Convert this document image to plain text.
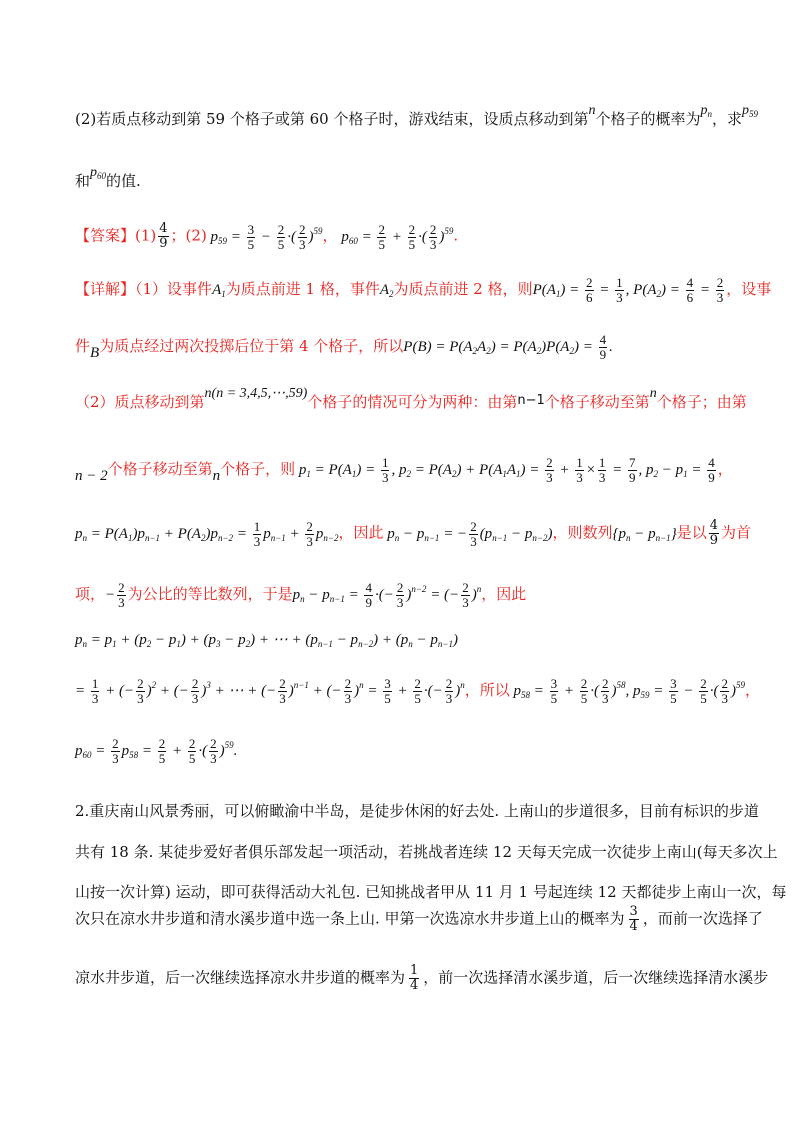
(2)若质点移动到第 59 个格子或第 60 个格子时，游戏结束，设质点移动到第n个格子的概率为$p_n$，求$p_{59}$
和$p_{60}$的值.
【答案】$(1) \frac{4}{9}$ ；(2) $p_{59} = \frac{3}{5} - \frac{2}{5}$ ·( $\frac{2}{3} )^{59}$， $p_{60} = \frac{2}{5} + \frac{2}{5}$ ·( $\frac{2}{3} )^{59}$.
【详解】（1）设事件$A_1$为质点前进 1 格，事件$A_2$为质点前进 2 格，则$P(A_1) = \frac{2}{6} = \frac{1}{3}$ , $P(A_2) = \frac{4}{6} = \frac{2}{3}$ ，设事
件B为质点经过两次投掷后位于第 4 个格子，所以$P(B) = P(A_2A_2) = P(A_2)P(A_2) = \frac{4}{9}$ .
（2）质点移动到第n(n = 3,4,5,⋯,59)个格子的情况可分为两种：由第n−1个格子移动至第n个格子；由第
n − 2个格子移动至第n个格子，则 $p_1 = P(A_1) = \frac{1}{3}$ , $p_2 = P(A_2) + P(A_1A_1) = \frac{2}{3} + \frac{1}{3} \times \frac{1}{3} = \frac{7}{9}$ , $p_2 - p_1 = \frac{4}{9}$ ，
$p_n = P(A_1)p_{n-1} + P(A_2)p_{n-2} = \frac{1}{3} p_{n-1} + \frac{2}{3} p_{n-2}$，因此 $p_n - p_{n-1}$ = − $\frac{2}{3} (p_{n-1} - p_{n-2})$，则数列$\{p_n - p_{n-1}\}$是以 $\frac{4}{9}$ 为首
项，− $\frac{2}{3}$ 为公比的等比数列，于是$p_n - p_{n-1} = \frac{4}{9}$ ·(− $\frac{2}{3} )^{n-2}$ = (− $\frac{2}{3} )^n$，因此
$p_n = p_1 + (p_2 - p_1) + (p_3 - p_2)$ + ⋯ + $(p_{n-1} - p_{n-2}) + (p_n - p_{n-1})$
= $\frac{1}{3}$ + (− $\frac{2}{3} )^2$ + (− $\frac{2}{3} )^3$ + ⋯ + (− $\frac{2}{3} )^{n-1}$ + (− $\frac{2}{3} )^n = \frac{3}{5} + \frac{2}{5}$ ·(− $\frac{2}{3} )^n$，所以 $p_{58} = \frac{3}{5} + \frac{2}{5}$ ·( $\frac{2}{3} )^{58}$, $p_{59} = \frac{3}{5} - \frac{2}{5}$ ·( $\frac{2}{3} )^{59}$，
$p_{60} = \frac{2}{3} p_{58} = \frac{2}{5} + \frac{2}{5}$ ·( $\frac{2}{3} )^{59}$.
2.重庆南山风景秀丽，可以俯瞰渝中半岛，是徒步休闲的好去处. 上南山的步道很多，目前有标识的步道
共有 18 条. 某徒步爱好者俱乐部发起一项活动，若挑战者连续 12 天每天完成一次徒步上南山(每天多次上
山按一次计算) 运动，即可获得活动大礼包. 已知挑战者甲从 11 月 1 号起连续 12 天都徒步上南山一次，每
次只在凉水井步道和清水溪步道中选一条上山. 甲第一次选凉水井步道上山的概率为 $\frac{3}{4}$ ，而前一次选择了
凉水井步道，后一次继续选择凉水井步道的概率为 $\frac{1}{4}$ ，前一次选择清水溪步道，后一次继续选择清水溪步
